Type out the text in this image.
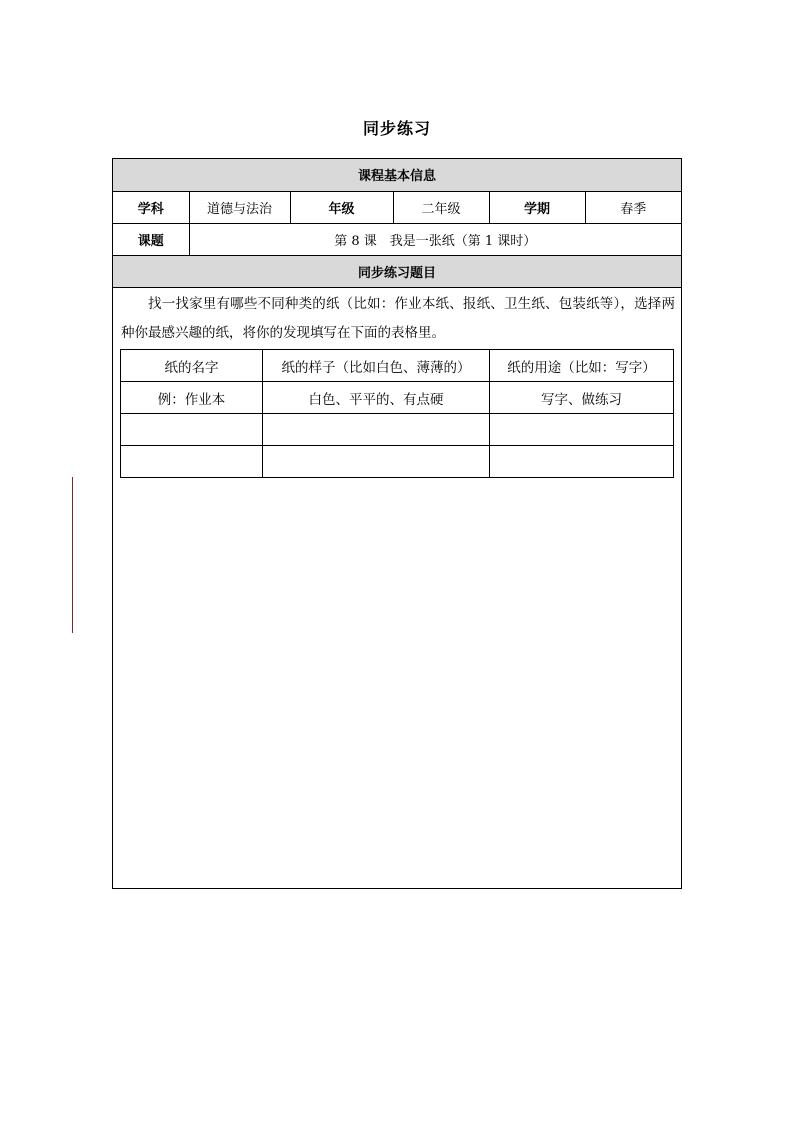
同步练习
课程基本信息					
学科	道德与法治	年级	二年级	学期	春季
课题	第 8 课　我是一张纸（第 1 课时）				
同步练习题目					
找一找家里有哪些不同种类的纸（比如：作业本纸、报纸、卫生纸、包装纸等），选择两种你最感兴趣的纸，将你的发现填写在下面的表格里。
纸的名字	纸的样子（比如白色、薄薄的）	纸的用途（比如：写字）
例：作业本	白色、平平的、有点硬	写字、做练习
